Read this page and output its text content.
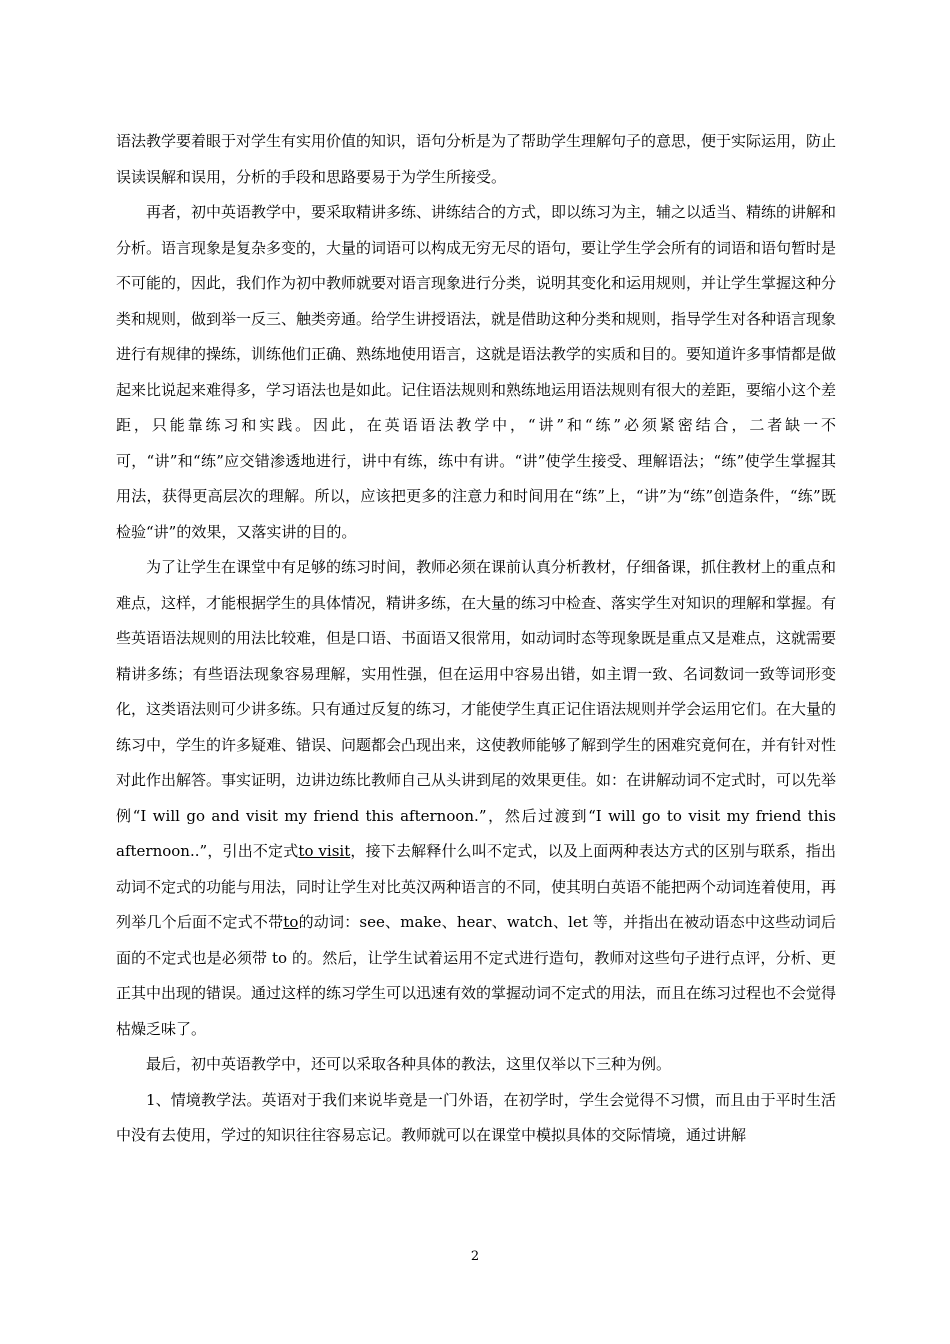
语法教学要着眼于对学生有实用价值的知识，语句分析是为了帮助学生理解句子的意思，便于实际运用，防止误读误解和误用，分析的手段和思路要易于为学生所接受。

再者，初中英语教学中，要采取精讲多练、讲练结合的方式，即以练习为主，辅之以适当、精练的讲解和分析。语言现象是复杂多变的，大量的词语可以构成无穷无尽的语句，要让学生学会所有的词语和语句暂时是不可能的，因此，我们作为初中教师就要对语言现象进行分类，说明其变化和运用规则，并让学生掌握这种分类和规则，做到举一反三、触类旁通。给学生讲授语法，就是借助这种分类和规则，指导学生对各种语言现象进行有规律的操练，训练他们正确、熟练地使用语言，这就是语法教学的实质和目的。要知道许多事情都是做起来比说起来难得多，学习语法也是如此。记住语法规则和熟练地运用语法规则有很大的差距，要缩小这个差距，只能靠练习和实践。因此，在英语语法教学中，“讲”和“练”必须紧密结合，二者缺一不可，“讲”和“练”应交错渗透地进行，讲中有练，练中有讲。“讲”使学生接受、理解语法；“练”使学生掌握其用法，获得更高层次的理解。所以，应该把更多的注意力和时间用在“练”上，“讲”为“练”创造条件，“练”既检验“讲”的效果，又落实讲的目的。

为了让学生在课堂中有足够的练习时间，教师必须在课前认真分析教材，仔细备课，抓住教材上的重点和难点，这样，才能根据学生的具体情况，精讲多练，在大量的练习中检查、落实学生对知识的理解和掌握。有些英语语法规则的用法比较难，但是口语、书面语又很常用，如动词时态等现象既是重点又是难点，这就需要精讲多练；有些语法现象容易理解，实用性强，但在运用中容易出错，如主谓一致、名词数词一致等词形变化，这类语法则可少讲多练。只有通过反复的练习，才能使学生真正记住语法规则并学会运用它们。在大量的练习中，学生的许多疑难、错误、问题都会凸现出来，这使教师能够了解到学生的困难究竟何在，并有针对性对此作出解答。事实证明，边讲边练比教师自己从头讲到尾的效果更佳。如：在讲解动词不定式时，可以先举例“I will go and visit my friend this afternoon.”，然后过渡到“I will go to visit my friend this afternoon..”，引出不定式to visit，接下去解释什么叫不定式，以及上面两种表达方式的区别与联系，指出动词不定式的功能与用法，同时让学生对比英汉两种语言的不同，使其明白英语不能把两个动词连着使用，再列举几个后面不定式不带to的动词：see、make、hear、watch、let 等，并指出在被动语态中这些动词后面的不定式也是必须带 to 的。然后，让学生试着运用不定式进行造句，教师对这些句子进行点评，分析、更正其中出现的错误。通过这样的练习学生可以迅速有效的掌握动词不定式的用法，而且在练习过程也不会觉得枯燥乏味了。

最后，初中英语教学中，还可以采取各种具体的教法，这里仅举以下三种为例。

1、情境教学法。英语对于我们来说毕竟是一门外语，在初学时，学生会觉得不习惯，而且由于平时生活中没有去使用，学过的知识往往容易忘记。教师就可以在课堂中模拟具体的交际情境，通过讲解

2
